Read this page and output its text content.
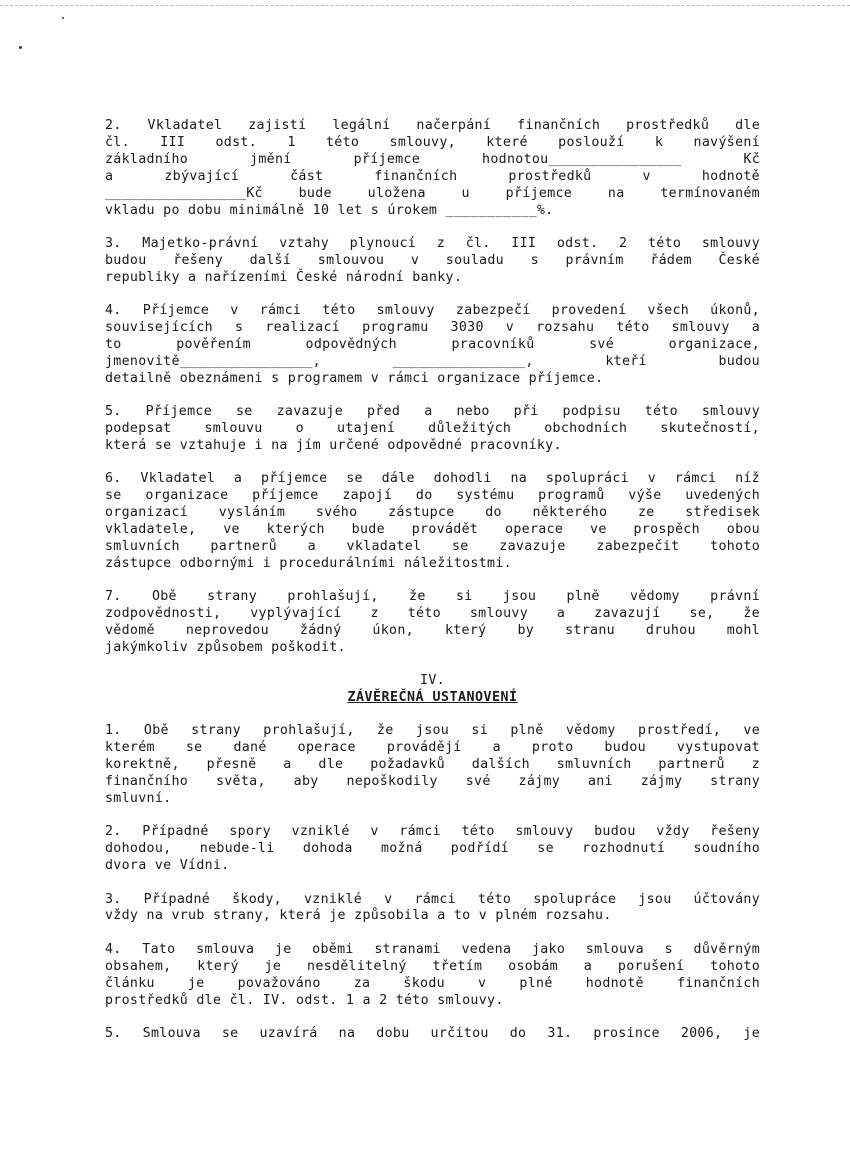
2. Vkladatel zajistí legální načerpání finančních prostředků dle
čl. III odst. 1 této smlouvy, které poslouží k navýšení
základního jmění příjemce hodnotou________________ Kč
a zbývající část finančních prostředků v hodnotě
_________________Kč bude uložena u příjemce na termínovaném
vkladu po dobu minimálně 10 let s úrokem ___________%.
3. Majetko-právní vztahy plynoucí z čl. III odst. 2 této smlouvy
budou řešeny další smlouvou v souladu s právním řádem České
republiky a nařízeními České národní banky.
4. Příjemce v rámci této smlouvy zabezpečí provedení všech úkonů,
souvisejících s realizací programu 3030 v rozsahu této smlouvy a
to pověřením odpovědných pracovníků své organizace,
jmenovitě________________, ________________, kteří budou
detailně obeznámeni s programem v rámci organizace příjemce.
5. Příjemce se zavazuje před a nebo při podpisu této smlouvy
podepsat smlouvu o utajení důležitých obchodních skutečností,
která se vztahuje i na jím určené odpovědné pracovníky.
6. Vkladatel a příjemce se dále dohodli na spolupráci v rámci níž
se organizace příjemce zapojí do systému programů výše uvedených
organizací vysláním svého zástupce do některého ze středisek
vkladatele, ve kterých bude provádět operace ve prospěch obou
smluvních partnerů a vkladatel se zavazuje zabezpečit tohoto
zástupce odbornými i procedurálními náležitostmi.
7. Obě strany prohlašují, že si jsou plně vědomy právní
zodpovědnosti, vyplývající z této smlouvy a zavazují se, že
vědomě neprovedou žádný úkon, který by stranu druhou mohl
jakýmkoliv způsobem poškodit.
IV.
ZÁVĚREČNÁ USTANOVENÍ
1. Obě strany prohlašují, že jsou si plně vědomy prostředí, ve
kterém se dané operace provádějí a proto budou vystupovat
korektně, přesně a dle požadavků dalších smluvních partnerů z
finančního světa, aby nepoškodily své zájmy ani zájmy strany
smluvní.
2. Případné spory vzniklé v rámci této smlouvy budou vždy řešeny
dohodou, nebude-li dohoda možná podřídí se rozhodnutí soudního
dvora ve Vídni.
3. Případné škody, vzniklé v rámci této spolupráce jsou účtovány
vždy na vrub strany, která je způsobila a to v plném rozsahu.
4. Tato smlouva je oběmi stranami vedena jako smlouva s důvěrným
obsahem, který je nesdělitelný třetím osobám a porušení tohoto
článku je považováno za škodu v plné hodnotě finančních
prostředků dle čl. IV. odst. 1 a 2 této smlouvy.
5. Smlouva se uzavírá na dobu určitou do 31. prosince 2006, je
